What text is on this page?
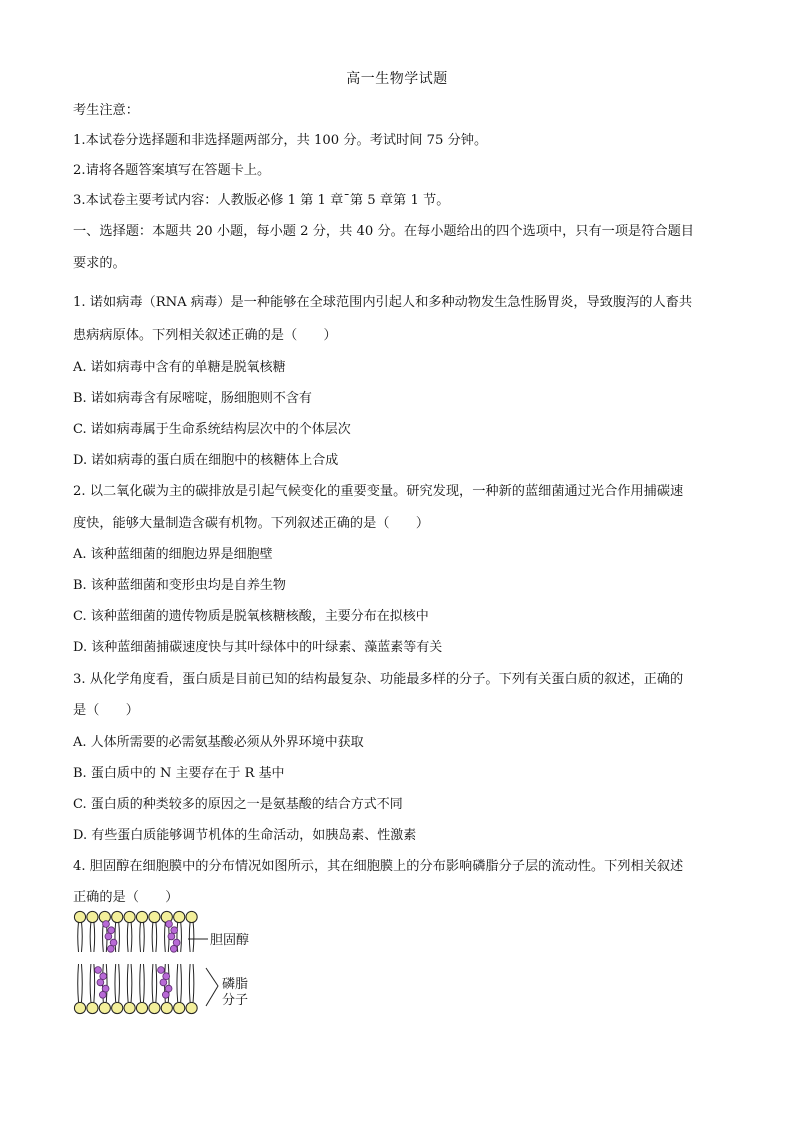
高一生物学试题
考生注意：
1.本试卷分选择题和非选择题两部分，共 100 分。考试时间 75 分钟。
2.请将各题答案填写在答题卡上。
3.本试卷主要考试内容：人教版必修 1 第 1 章ˉ第 5 章第 1 节。
一、选择题：本题共 20 小题，每小题 2 分，共 40 分。在每小题给出的四个选项中，只有一项是符合题目
要求的。
1. 诺如病毒（RNA 病毒）是一种能够在全球范围内引起人和多种动物发生急性肠胃炎，导致腹泻的人畜共
患病病原体。下列相关叙述正确的是（　　）
A. 诺如病毒中含有的单糖是脱氧核糖
B. 诺如病毒含有尿嘧啶，肠细胞则不含有
C. 诺如病毒属于生命系统结构层次中的个体层次
D. 诺如病毒的蛋白质在细胞中的核糖体上合成
2. 以二氧化碳为主的碳排放是引起气候变化的重要变量。研究发现，一种新的蓝细菌通过光合作用捕碳速
度快，能够大量制造含碳有机物。下列叙述正确的是（　　）
A. 该种蓝细菌的细胞边界是细胞壁
B. 该种蓝细菌和变形虫均是自养生物
C. 该种蓝细菌的遗传物质是脱氧核糖核酸，主要分布在拟核中
D. 该种蓝细菌捕碳速度快与其叶绿体中的叶绿素、藻蓝素等有关
3. 从化学角度看，蛋白质是目前已知的结构最复杂、功能最多样的分子。下列有关蛋白质的叙述，正确的
是（　　）
A. 人体所需要的必需氨基酸必须从外界环境中获取
B. 蛋白质中的 N 主要存在于 R 基中
C. 蛋白质的种类较多的原因之一是氨基酸的结合方式不同
D. 有些蛋白质能够调节机体的生命活动，如胰岛素、性激素
4. 胆固醇在细胞膜中的分布情况如图所示，其在细胞膜上的分布影响磷脂分子层的流动性。下列相关叙述
正确的是（　　）
胆固醇
磷脂
分子
